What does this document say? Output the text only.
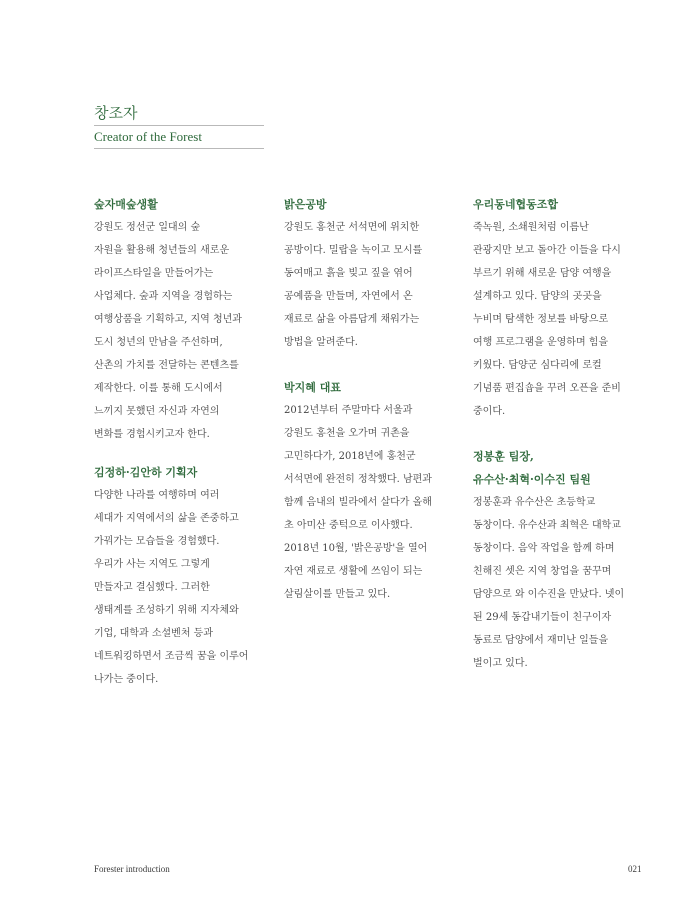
창조자
Creator of the Forest
숲자매숲생활
강원도 정선군 일대의 숲
자원을 활용해 청년들의 새로운
라이프스타일을 만들어가는
사업체다. 숲과 지역을 경험하는
여행상품을 기획하고, 지역 청년과
도시 청년의 만남을 주선하며,
산촌의 가치를 전달하는 콘텐츠를
제작한다. 이를 통해 도시에서
느끼지 못했던 자신과 자연의
변화를 경험시키고자 한다.
김정하·김안하 기획자
다양한 나라를 여행하며 여러
세대가 지역에서의 삶을 존중하고
가꿔가는 모습들을 경험했다.
우리가 사는 지역도 그렇게
만들자고 결심했다. 그러한
생태계를 조성하기 위해 지자체와
기업, 대학과 소셜벤처 등과
네트워킹하면서 조금씩 꿈을 이루어
나가는 중이다.
밝은공방
강원도 홍천군 서석면에 위치한
공방이다. 밀랍을 녹이고 모시를
동여매고 흙을 빚고 짚을 엮어
공예품을 만들며, 자연에서 온
재료로 삶을 아름답게 채워가는
방법을 알려준다.
박지혜 대표
2012년부터 주말마다 서울과
강원도 홍천을 오가며 귀촌을
고민하다가, 2018년에 홍천군
서석면에 완전히 정착했다. 남편과
함께 음내의 빌라에서 살다가 올해
초 아미산 중턱으로 이사했다.
2018년 10월, '밝은공방'을 열어
자연 재료로 생활에 쓰임이 되는
살림살이를 만들고 있다.
우리동네협동조합
죽녹원, 소쇄원처럼 이름난
관광지만 보고 돌아간 이들을 다시
부르기 위해 새로운 담양 여행을
설계하고 있다. 담양의 곳곳을
누비며 탐색한 정보를 바탕으로
여행 프로그램을 운영하며 힘을
키웠다. 담양군 심다리에 로컬
기념품 편집숍을 꾸려 오픈을 준비
중이다.
정봉훈 팀장,
유수산·최혁·이수진 팀원
정봉훈과 유수산은 초등학교
동창이다. 유수산과 최혁은 대학교
동창이다. 음악 작업을 함께 하며
친해진 셋은 지역 창업을 꿈꾸며
담양으로 와 이수진을 만났다. 넷이
된 29세 동갑내기들이 친구이자
동료로 담양에서 재미난 일들을
벌이고 있다.
Forester introduction	021
